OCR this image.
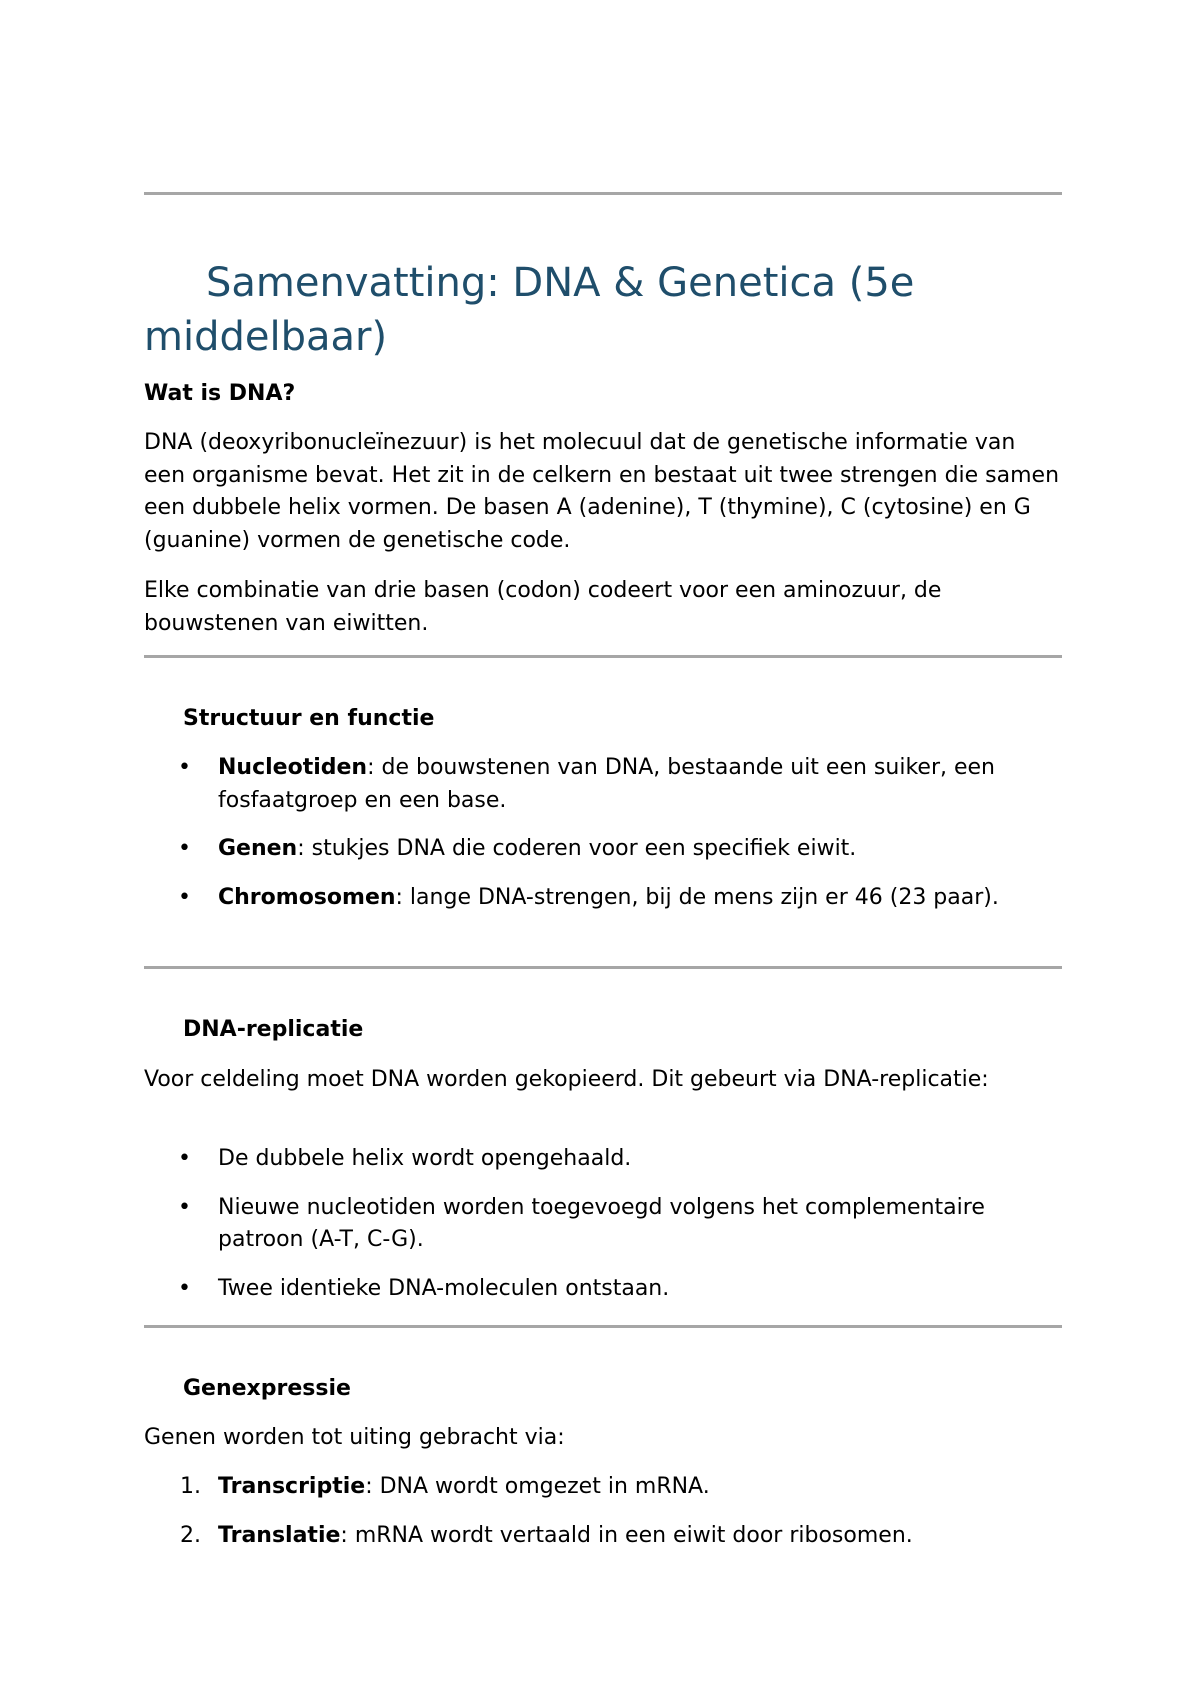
Samenvatting: DNA & Genetica (5e middelbaar)
Wat is DNA?

DNA (deoxyribonucleïnezuur) is het molecuul dat de genetische informatie van een organisme bevat. Het zit in de celkern en bestaat uit twee strengen die samen een dubbele helix vormen. De basen A (adenine), T (thymine), C (cytosine) en G (guanine) vormen de genetische code.

Elke combinatie van drie basen (codon) codeert voor een aminozuur, de bouwstenen van eiwitten.

Structuur en functie
•	Nucleotiden: de bouwstenen van DNA, bestaande uit een suiker, een fosfaatgroep en een base.
•	Genen: stukjes DNA die coderen voor een specifiek eiwit.
•	Chromosomen: lange DNA-strengen, bij de mens zijn er 46 (23 paar).
DNA-replicatie

Voor celdeling moet DNA worden gekopieerd. Dit gebeurt via DNA-replicatie:

•	De dubbele helix wordt opengehaald.
•	Nieuwe nucleotiden worden toegevoegd volgens het complementaire patroon (A-T, C-G).
•	Twee identieke DNA-moleculen ontstaan.
Genexpressie

Genen worden tot uiting gebracht via:

1. Transcriptie: DNA wordt omgezet in mRNA.
2. Translatie: mRNA wordt vertaald in een eiwit door ribosomen.
